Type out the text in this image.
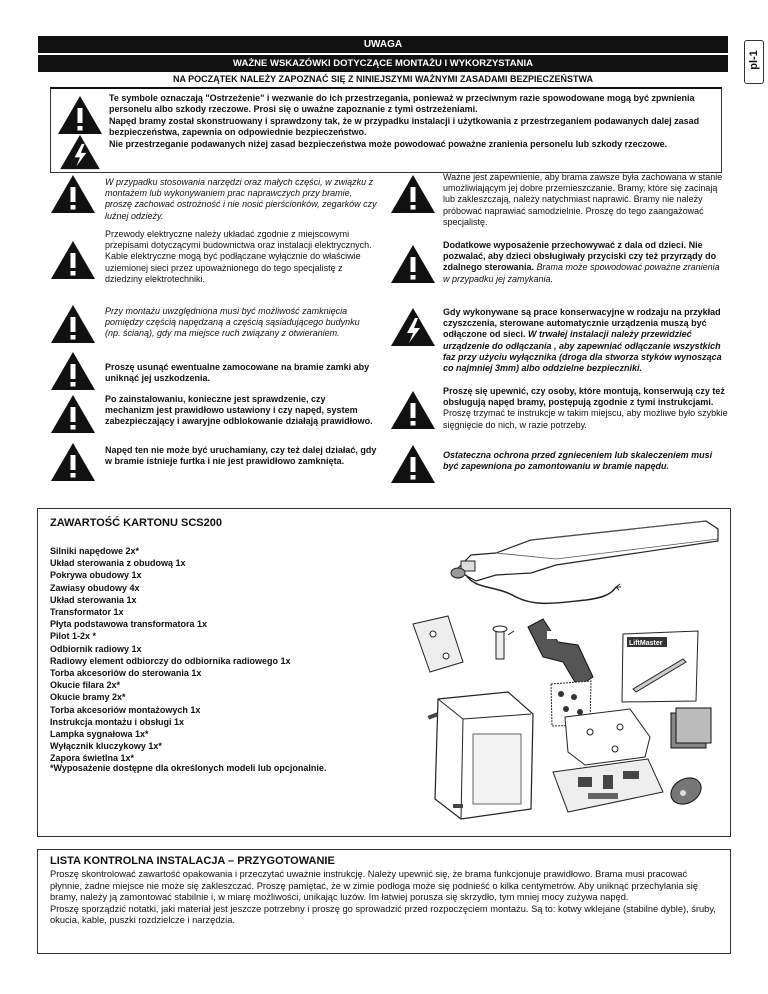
UWAGA
WAŻNE WSKAZÓWKI DOTYCZĄCE MONTAŻU I WYKORZYSTANIA
NA POCZĄTEK NALEŻY ZAPOZNAĆ SIĘ Z NINIEJSZYMI WAŻNYMI ZASADAMI BEZPIECZEŃSTWA
pl-1

Te symbole oznaczają "Ostrzeżenie" i wezwanie do ich przestrzegania, ponieważ w przeciwnym razie spowodowane mogą być zpwnienia personelu albo szkody rzeczowe. Prosi się o uważne zapoznanie z tymi ostrzeżeniami.

Napęd bramy został skonstruowany i sprawdzony tak, że w przypadku instalacji i użytkowania z przestrzeganiem podawanych dalej zasad bezpieczeństwa, zapewnia on odpowiednie bezpieczeństwo.

Nie przestrzeganie podawanych niżej zasad bezpieczeństwa może powodować poważne zranienia personelu lub szkody rzeczowe.

W przypadku stosowania narzędzi oraz małych części, w związku z montażem lub wykonywaniem prac naprawczych przy bramie, proszę zachować ostrożność i nie nosić pierścionków, zegarków czy luźnej odzieży.
Przewody elektryczne należy układać zgodnie z miejscowymi przepisami dotyczącymi budownictwa oraz instalacji elektrycznych. Kable elektryczne mogą być podłączane wyłącznie do właściwie uziemionej sieci przez upoważnionego do tego specjalistę z dziedziny elektrotechniki.
Przy montażu uwzględniona musi być możliwość zamknięcia pomiędzy częścią napędzaną a częścią sąsiadującego budynku (np. ścianą), gdy ma miejsce ruch związany z otwieraniem.
Proszę usunąć ewentualne zamocowane na bramie zamki aby uniknąć jej uszkodzenia.
Po zainstalowaniu, konieczne jest sprawdzenie, czy mechanizm jest prawidłowo ustawiony i czy napęd, system zabezpieczający i awaryjne odblokowanie działają prawidłowo.
Napęd ten nie może być uruchamiany, czy też dalej działać, gdy w bramie istnieje furtka i nie jest prawidłowo zamknięta.
Ważne jest zapewnienie, aby brama zawsze była zachowana w stanie umożliwiającym jej dobre przemieszczanie. Bramy, które się zacinają lub zakleszczają, należy natychmiast naprawić. Bramy nie należy próbować naprawiać samodzielnie. Proszę do tego zaangażować specjalistę.
Dodatkowe wyposażenie przechowywać z dala od dzieci. Nie pozwalać, aby dzieci obsługiwały przyciski czy też przyrządy do zdalnego sterowania. Brama może spowodować poważne zranienia w przypadku jej zamykania.
Gdy wykonywane są prace konserwacyjne w rodzaju na przykład czyszczenia, sterowane automatycznie urządzenia muszą być odłączone od sieci. W trwałej instalacji należy przewidzieć urządzenie do odłączania , aby zapewniać odłączanie wszystkich faz przy użyciu wyłącznika (droga dla stworza styków wynosząca co najmniej 3mm) albo oddzielne bezpieczniki.
Proszę się upewnić, czy osoby, które montują, konserwują czy też obsługują napęd bramy, postępują zgodnie z tymi instrukcjami. Proszę trzymać te instrukcje w takim miejscu, aby możliwe było szybkie sięgnięcie do nich, w razie potrzeby.
Ostateczna ochrona przed zgnieceniem lub skaleczeniem musi być zapewniona po zamontowaniu w bramie napędu.
ZAWARTOŚĆ KARTONU SCS200
Silniki napędowe 2x*
Układ sterowania z obudową 1x
Pokrywa obudowy 1x
Zawiasy obudowy 4x
Układ sterowania 1x
Transformator 1x
Płyta podstawowa transformatora 1x
Pilot 1-2x *
Odbiornik radiowy 1x
Radiowy element odbiorczy do odbiornika radiowego 1x
Torba akcesoriów do sterowania 1x
Okucie filara 2x*
Okucie bramy 2x*
Torba akcesoriów montażowych 1x
Instrukcja montażu i obsługi 1x
Lampka sygnałowa 1x*
Wyłącznik kluczykowy 1x*
Zapora świetlna 1x*
*Wyposażenie dostępne dla określonych modeli lub opcjonalnie.
LiftMaster
LISTA KONTROLNA INSTALACJA – PRZYGOTOWANIE

Proszę skontrolować zawartość opakowania i przeczytać uważnie instrukcję. Należy upewnić się, że brama funkcjonuje prawidłowo. Brama musi pracować płynnie, żadne miejsce nie może się zakleszczać. Proszę pamiętać, że w zimie podłoga może się podnieść o kilka centymetrów. Aby uniknąć przechylania się bramy, należy ją zamontować stabilnie i, w miarę możliwości, unikając luzów. Im łatwiej porusza się skrzydło, tym mniej mocy zużywa napęd.

Proszę sporządzić notatki, jaki materiał jest jeszcze potrzebny i proszę go sprowadzić przed rozpoczęciem montażu. Są to: kotwy wklejane (stabilne dyble), śruby, okucia, kable, puszki rozdzielcze i narzędzia.
